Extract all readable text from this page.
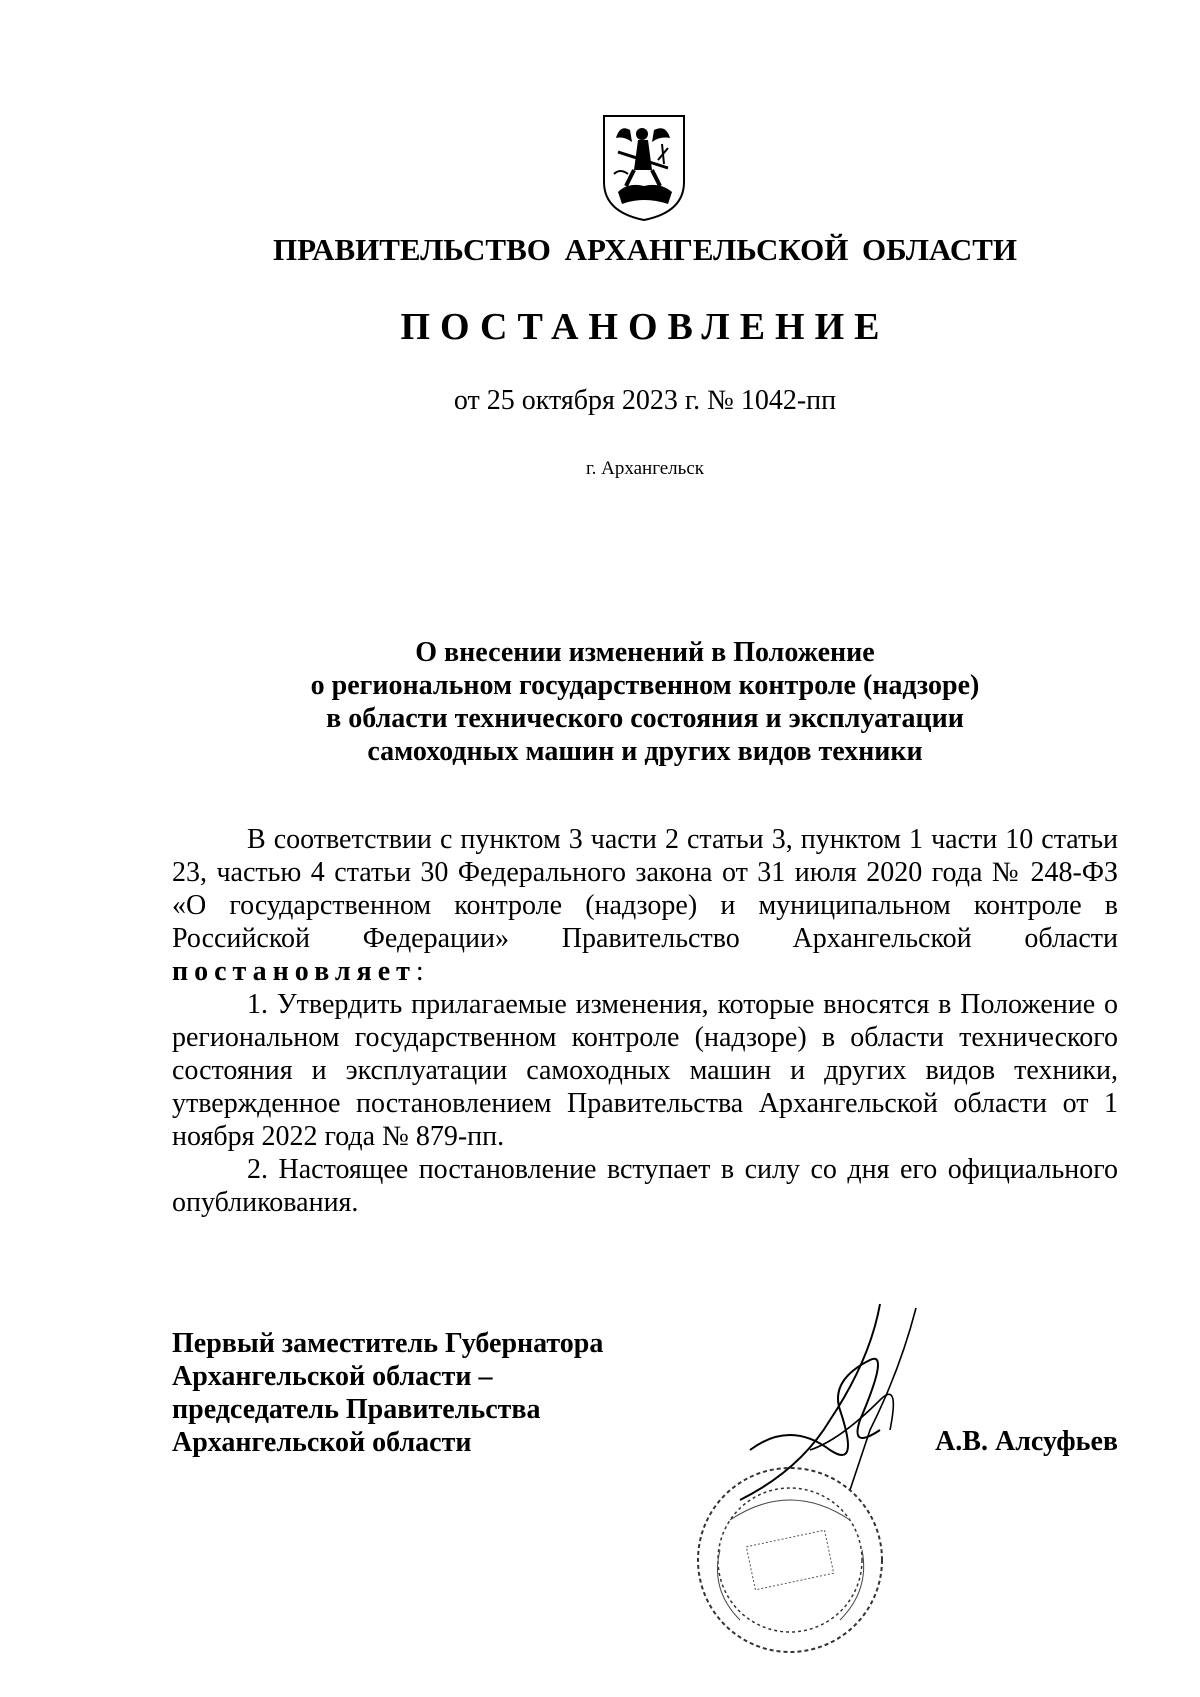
ПРАВИТЕЛЬСТВО АРХАНГЕЛЬСКОЙ ОБЛАСТИ
ПОСТАНОВЛЕНИЕ
от 25 октября 2023 г. № 1042-пп
г. Архангельск
О внесении изменений в Положение
о региональном государственном контроле (надзоре)
в области технического состояния и эксплуатации
самоходных машин и других видов техники

В соответствии с пунктом 3 части 2 статьи 3, пунктом 1 части 10 статьи 23, частью 4 статьи 30 Федерального закона от 31 июля 2020 года № 248-ФЗ «О государственном контроле (надзоре) и муниципальном контроле в Российской Федерации» Правительство Архангельской области постановляет:

1. Утвердить прилагаемые изменения, которые вносятся в Положение о региональном государственном контроле (надзоре) в области технического состояния и эксплуатации самоходных машин и других видов техники, утвержденное постановлением Правительства Архангельской области от 1 ноября 2022 года № 879-пп.

2. Настоящее постановление вступает в силу со дня его официального опубликования.

Первый заместитель Губернатора
Архангельской области –
председатель Правительства
Архангельской области	А.В. Алсуфьев
